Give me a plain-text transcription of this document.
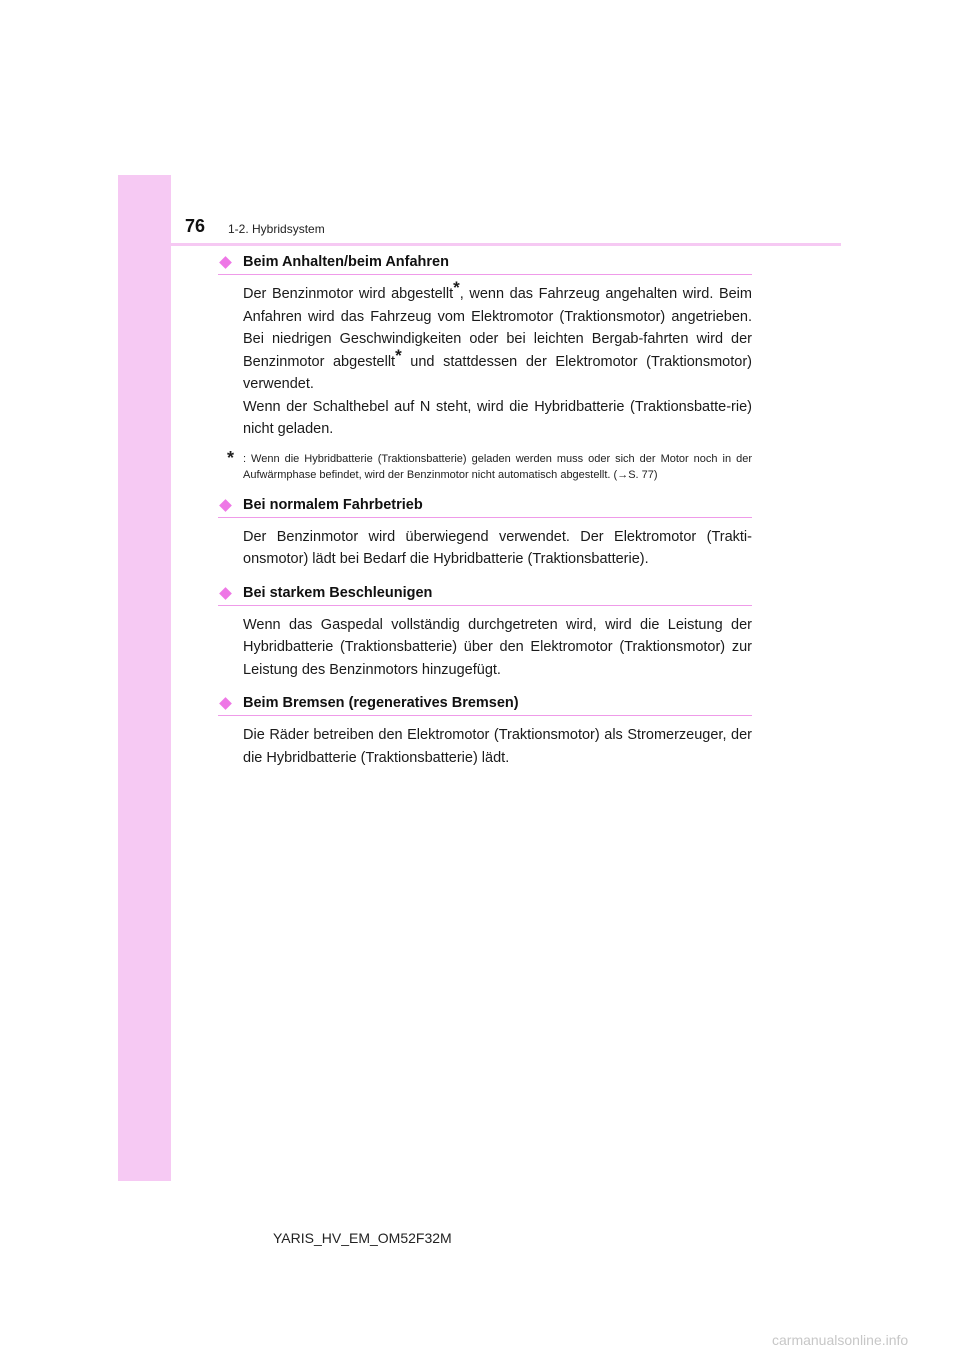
76 1-2. Hybridsystem
Beim Anhalten/beim Anfahren

Der Benzinmotor wird abgestellt*, wenn das Fahrzeug angehalten wird. Beim Anfahren wird das Fahrzeug vom Elektromotor (Traktionsmotor) angetrieben. Bei niedrigen Geschwindigkeiten oder bei leichten Bergab-fahrten wird der Benzinmotor abgestellt* und stattdessen der Elektromotor (Traktionsmotor) verwendet.
Wenn der Schalthebel auf N steht, wird die Hybridbatterie (Traktionsbatte-rie) nicht geladen.

* : Wenn die Hybridbatterie (Traktionsbatterie) geladen werden muss oder sich der Motor noch in der Aufwärmphase befindet, wird der Benzinmotor nicht automatisch abgestellt. (→S. 77)
Bei normalem Fahrbetrieb

Der Benzinmotor wird überwiegend verwendet. Der Elektromotor (Trakti-onsmotor) lädt bei Bedarf die Hybridbatterie (Traktionsbatterie).

Bei starkem Beschleunigen

Wenn das Gaspedal vollständig durchgetreten wird, wird die Leistung der Hybridbatterie (Traktionsbatterie) über den Elektromotor (Traktionsmotor) zur Leistung des Benzinmotors hinzugefügt.

Beim Bremsen (regeneratives Bremsen)

Die Räder betreiben den Elektromotor (Traktionsmotor) als Stromerzeuger, der die Hybridbatterie (Traktionsbatterie) lädt.

YARIS_HV_EM_OM52F32M
carmanualsonline.info
